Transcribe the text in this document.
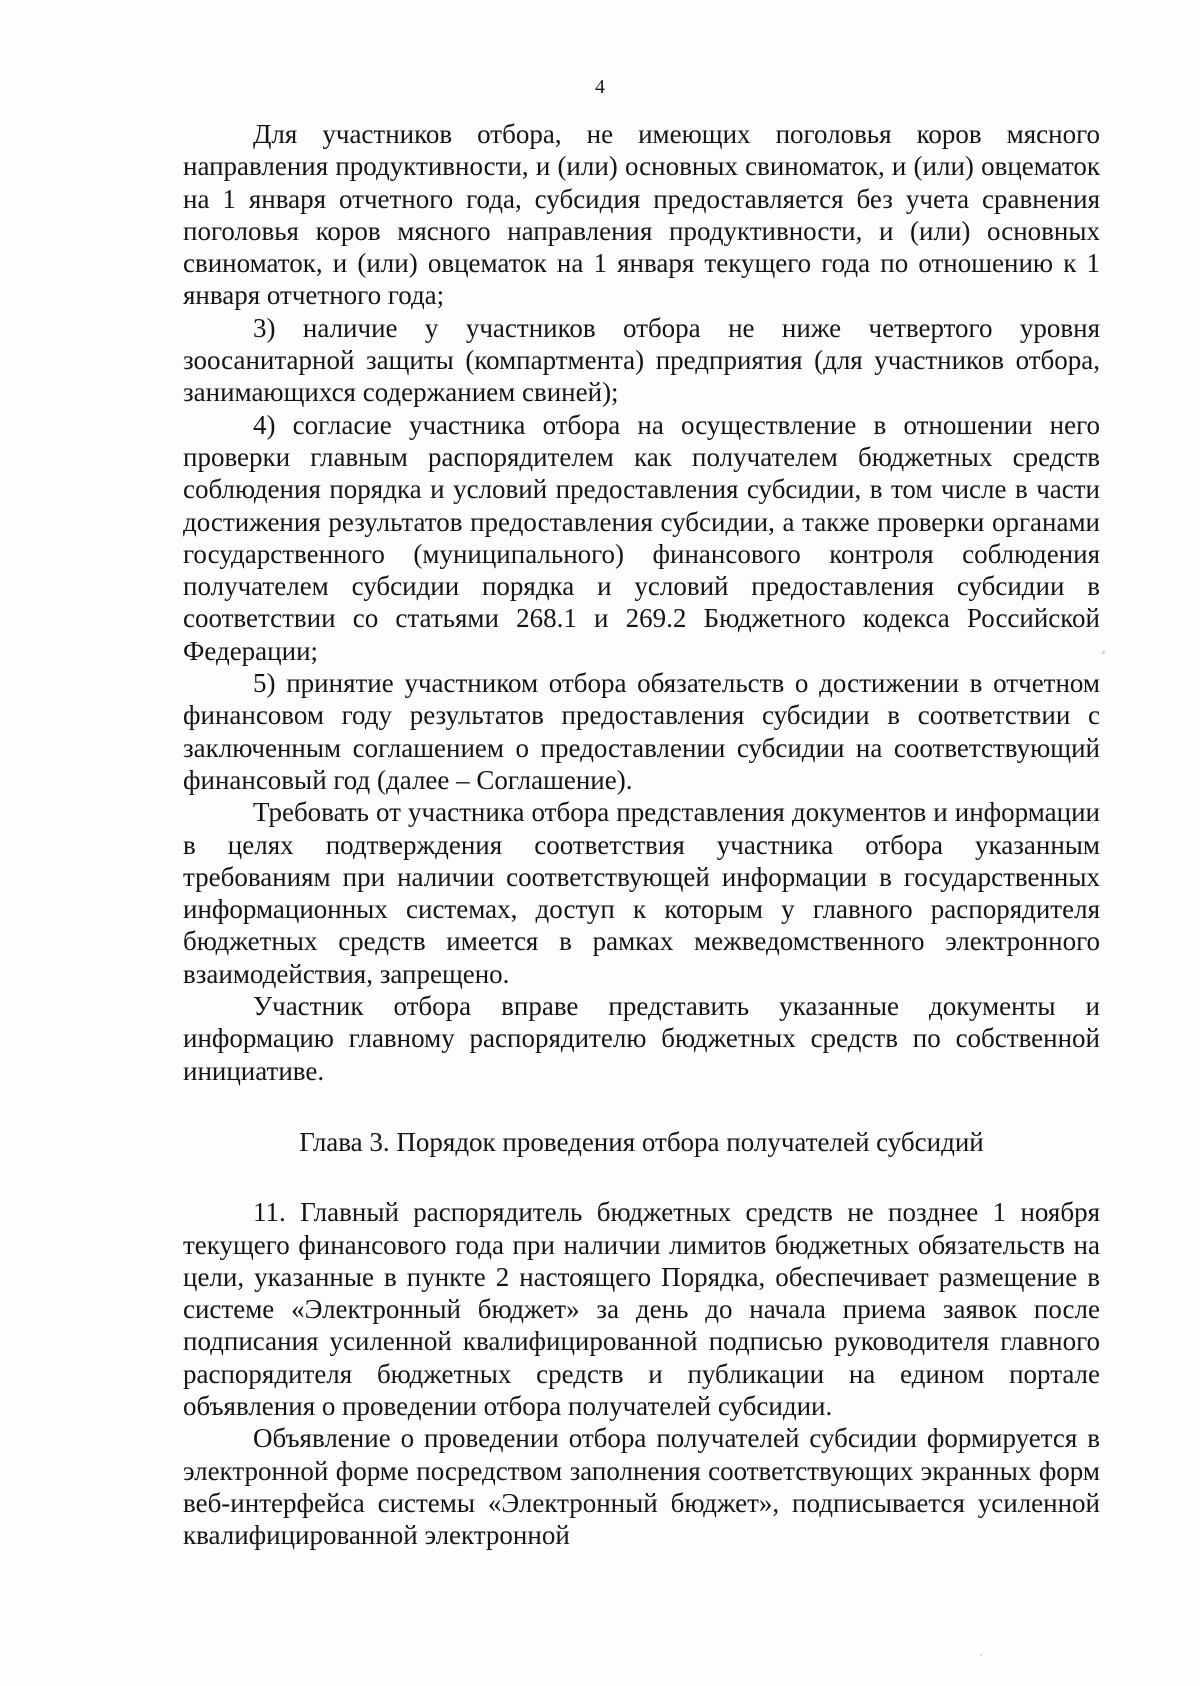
4

Для участников отбора, не имеющих поголовья коров мясного направления продуктивности, и (или) основных свиноматок, и (или) овцематок на 1 января отчетного года, субсидия предоставляется без учета сравнения поголовья коров мясного направления продуктивности, и (или) основных свиноматок, и (или) овцематок на 1 января текущего года по отношению к 1 января отчетного года;

3) наличие у участников отбора не ниже четвертого уровня зоосанитарной защиты (компартмента) предприятия (для участников отбора, занимающихся содержанием свиней);

4) согласие участника отбора на осуществление в отношении него проверки главным распорядителем как получателем бюджетных средств соблюдения порядка и условий предоставления субсидии, в том числе в части достижения результатов предоставления субсидии, а также проверки органами государственного (муниципального) финансового контроля соблюдения получателем субсидии порядка и условий предоставления субсидии в соответствии со статьями 268.1 и 269.2 Бюджетного кодекса Российской Федерации;

5) принятие участником отбора обязательств о достижении в отчетном финансовом году результатов предоставления субсидии в соответствии с заключенным соглашением о предоставлении субсидии на соответствующий финансовый год (далее – Соглашение).

Требовать от участника отбора представления документов и информации в целях подтверждения соответствия участника отбора указанным требованиям при наличии соответствующей информации в государственных информационных системах, доступ к которым у главного распорядителя бюджетных средств имеется в рамках межведомственного электронного взаимодействия, запрещено.

Участник отбора вправе представить указанные документы и информацию главному распорядителю бюджетных средств по собственной инициативе.

Глава 3. Порядок проведения отбора получателей субсидий

11. Главный распорядитель бюджетных средств не позднее 1 ноября текущего финансового года при наличии лимитов бюджетных обязательств на цели, указанные в пункте 2 настоящего Порядка, обеспечивает размещение в системе «Электронный бюджет» за день до начала приема заявок после подписания усиленной квалифицированной подписью руководителя главного распорядителя бюджетных средств и публикации на едином портале объявления о проведении отбора получателей субсидии.

Объявление о проведении отбора получателей субсидии формируется в электронной форме посредством заполнения соответствующих экранных форм веб-интерфейса системы «Электронный бюджет», подписывается усиленной квалифицированной электронной
